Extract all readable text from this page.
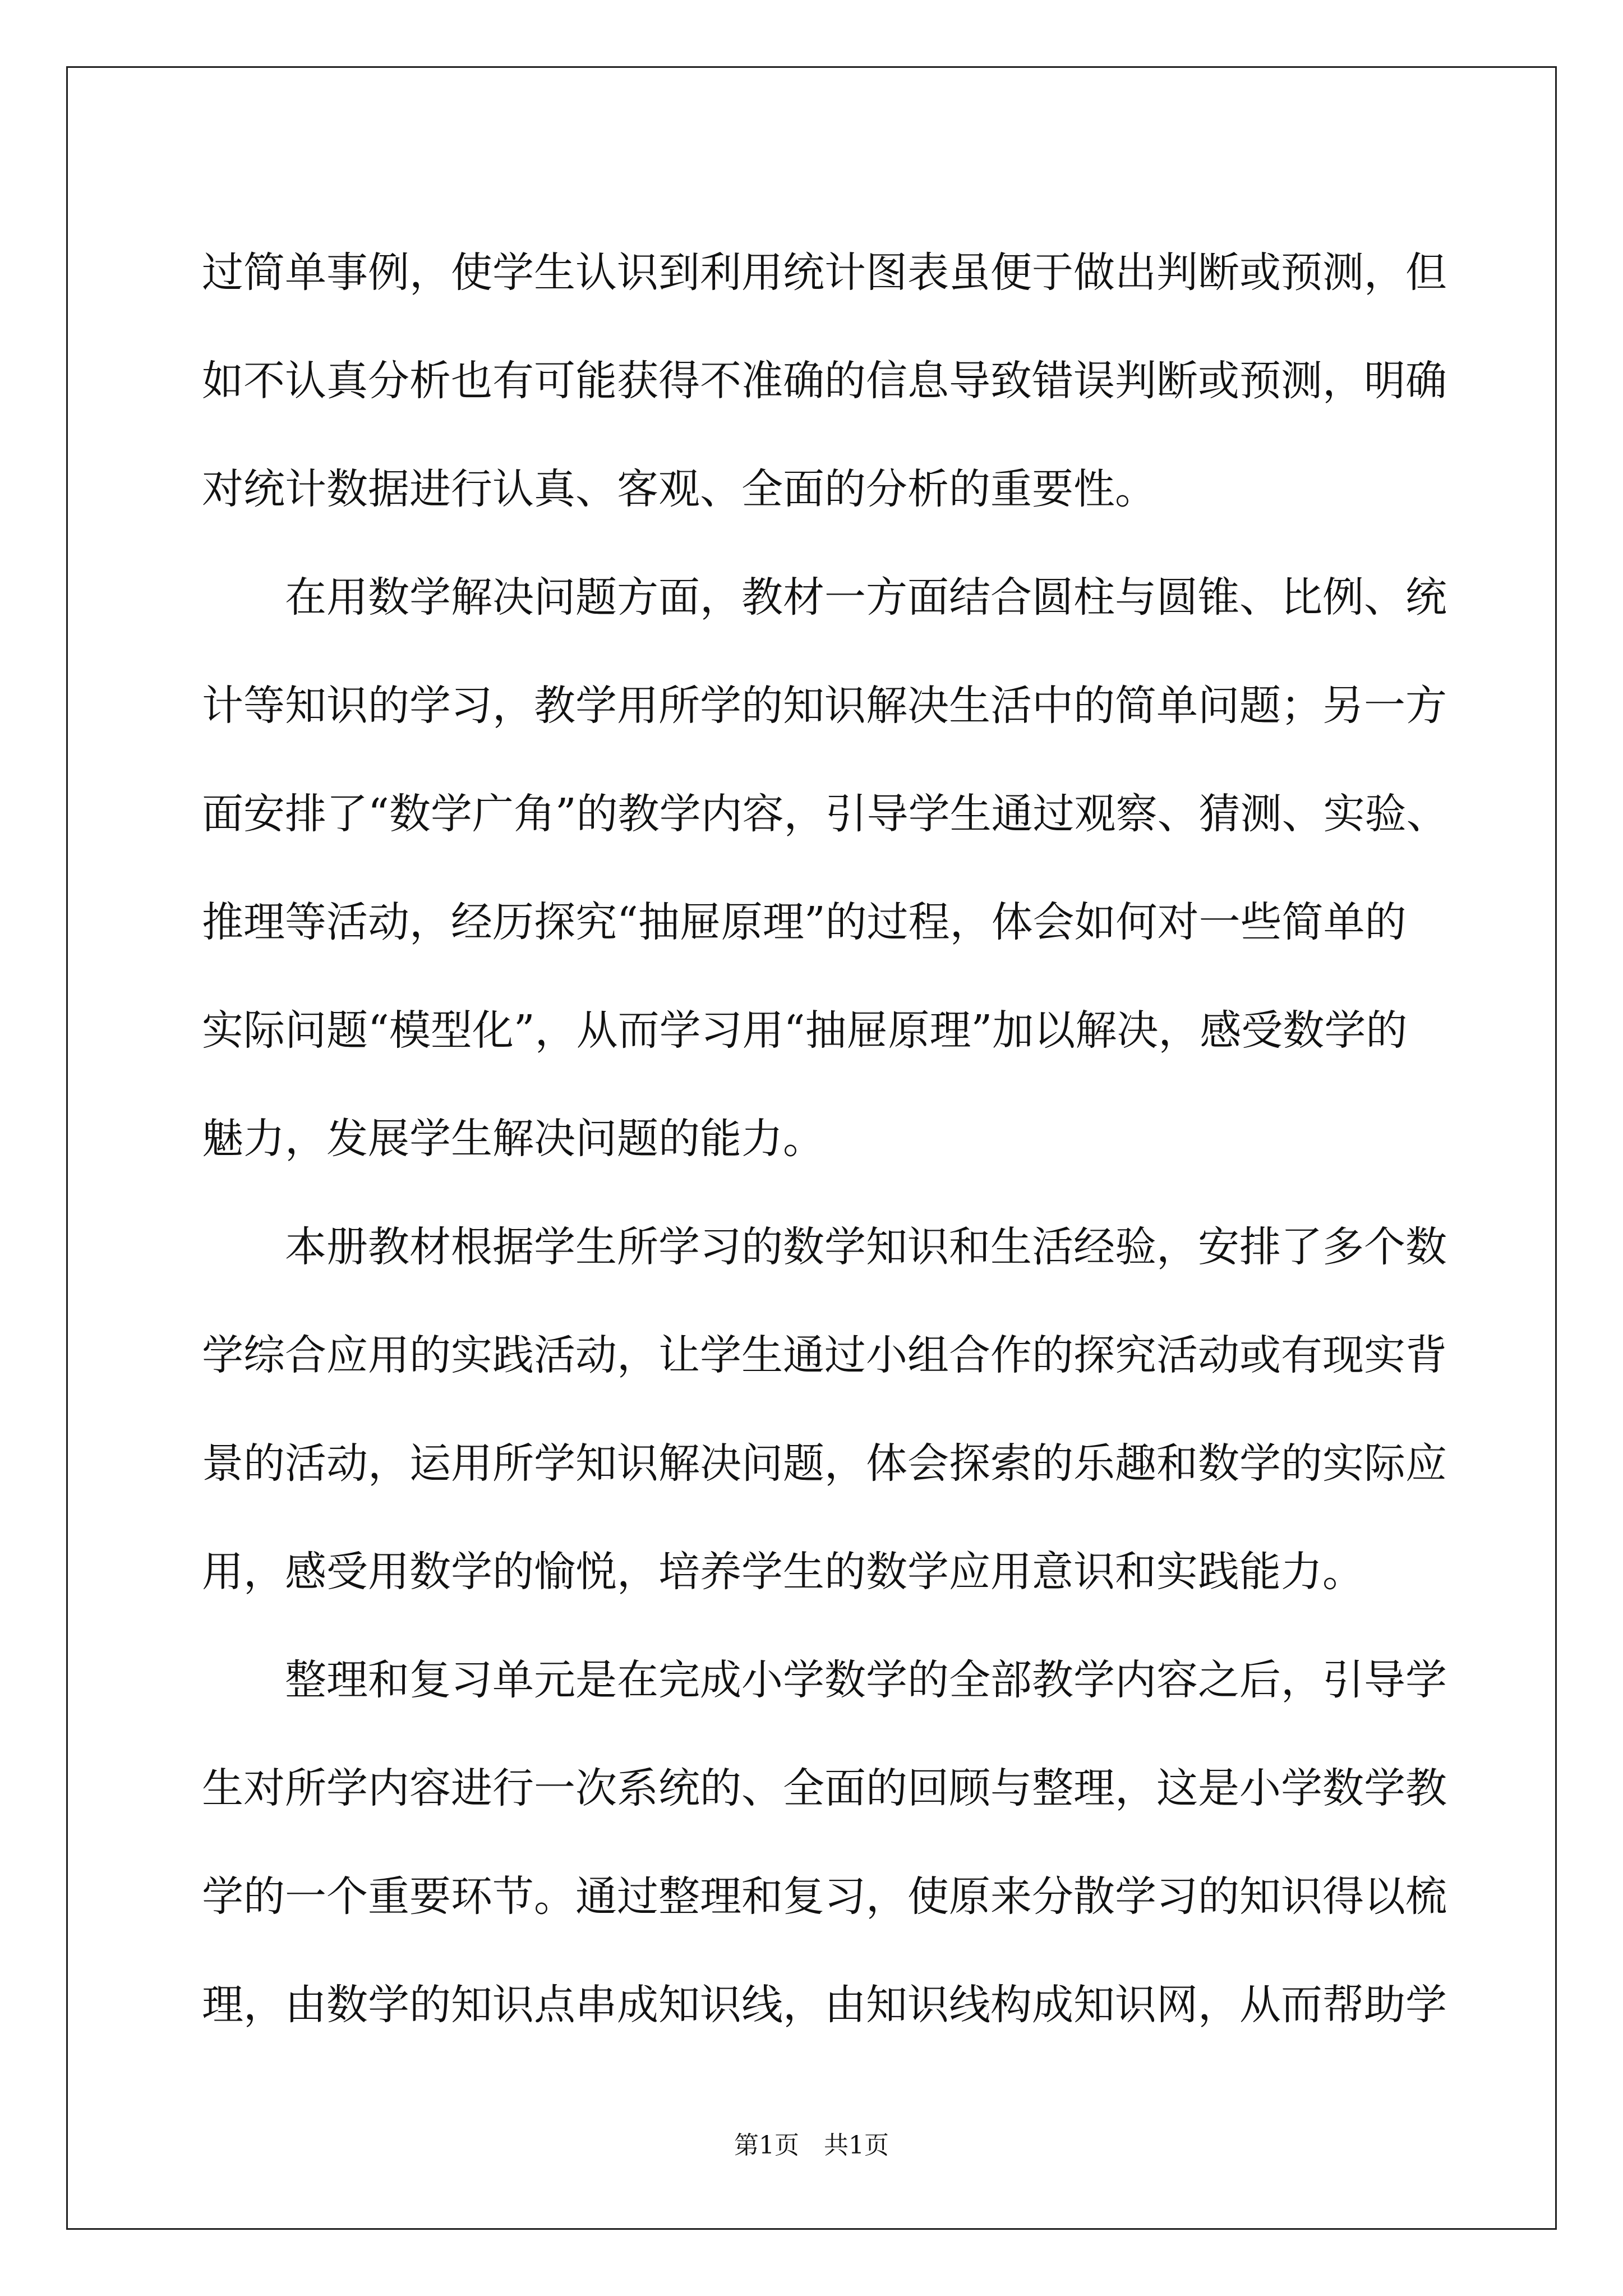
过简单事例，使学生认识到利用统计图表虽便于做出判断或预测，但
如不认真分析也有可能获得不准确的信息导致错误判断或预测，明确
对统计数据进行认真、客观、全面的分析的重要性。
在用数学解决问题方面，教材一方面结合圆柱与圆锥、比例、统
计等知识的学习，教学用所学的知识解决生活中的简单问题；另一方
面安排了“数学广角”的教学内容，引导学生通过观察、猜测、实验、
推理等活动，经历探究“抽屉原理”的过程，体会如何对一些简单的
实际问题“模型化”，从而学习用“抽屉原理”加以解决，感受数学的
魅力，发展学生解决问题的能力。
本册教材根据学生所学习的数学知识和生活经验，安排了多个数
学综合应用的实践活动，让学生通过小组合作的探究活动或有现实背
景的活动，运用所学知识解决问题，体会探索的乐趣和数学的实际应
用，感受用数学的愉悦，培养学生的数学应用意识和实践能力。
整理和复习单元是在完成小学数学的全部教学内容之后，引导学
生对所学内容进行一次系统的、全面的回顾与整理，这是小学数学教
学的一个重要环节。通过整理和复习，使原来分散学习的知识得以梳
理，由数学的知识点串成知识线，由知识线构成知识网，从而帮助学
第1页　共1页
